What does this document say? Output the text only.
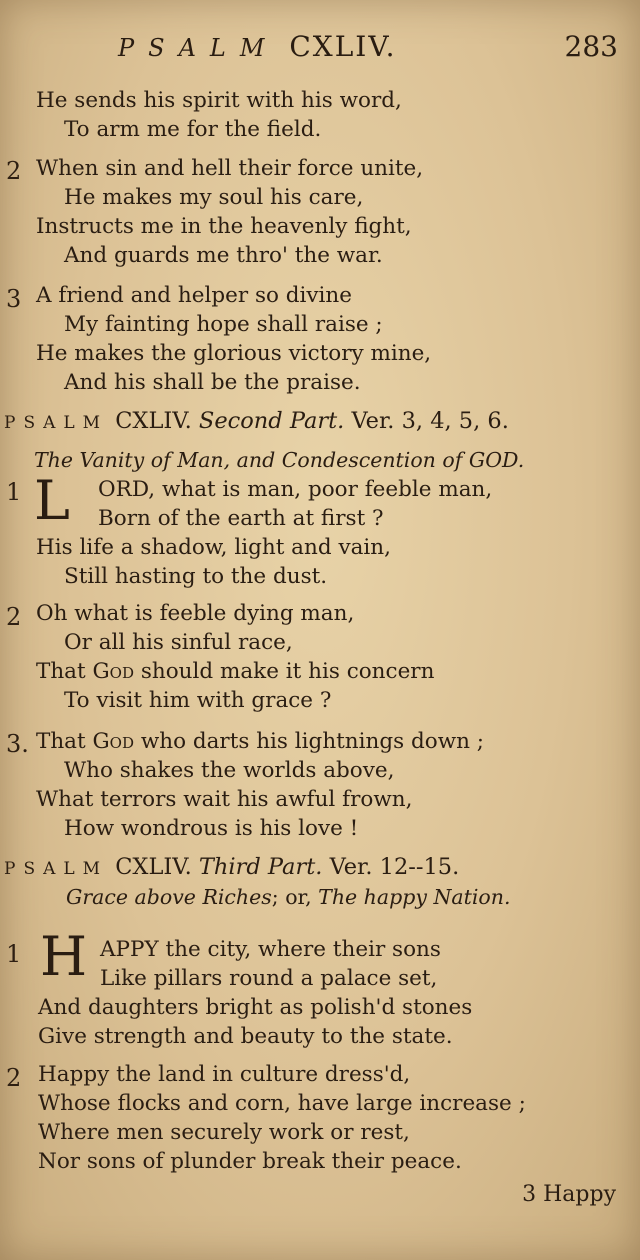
PSALM CXLIV.	283
He sends his spirit with his word,
To arm me for the field.
2 When sin and hell their force unite,
He makes my soul his care,
Instructs me in the heavenly fight,
And guards me thro' the war.
3 A friend and helper so divine
My fainting hope shall raise ;
He makes the glorious victory mine,
And his shall be the praise.
PSALM CXLIV. Second Part. Ver. 3, 4, 5, 6.
The Vanity of Man, and Condescention of GOD.
1 L ORD, what is man, poor feeble man,
Born of the earth at first ?
His life a shadow, light and vain,
Still hasting to the dust.
2 Oh what is feeble dying man,
Or all his sinful race,
That God should make it his concern
To visit him with grace ?
3. That God who darts his lightnings down ;
Who shakes the worlds above,
What terrors wait his awful frown,
How wondrous is his love !
PSALM CXLIV. Third Part. Ver. 12--15.
Grace above Riches; or, The happy Nation.
1 H APPY the city, where their sons
Like pillars round a palace set,
And daughters bright as polish'd stones
Give strength and beauty to the state.
2 Happy the land in culture dress'd,
Whose flocks and corn, have large increase ;
Where men securely work or rest,
Nor sons of plunder break their peace.
3 Happy
